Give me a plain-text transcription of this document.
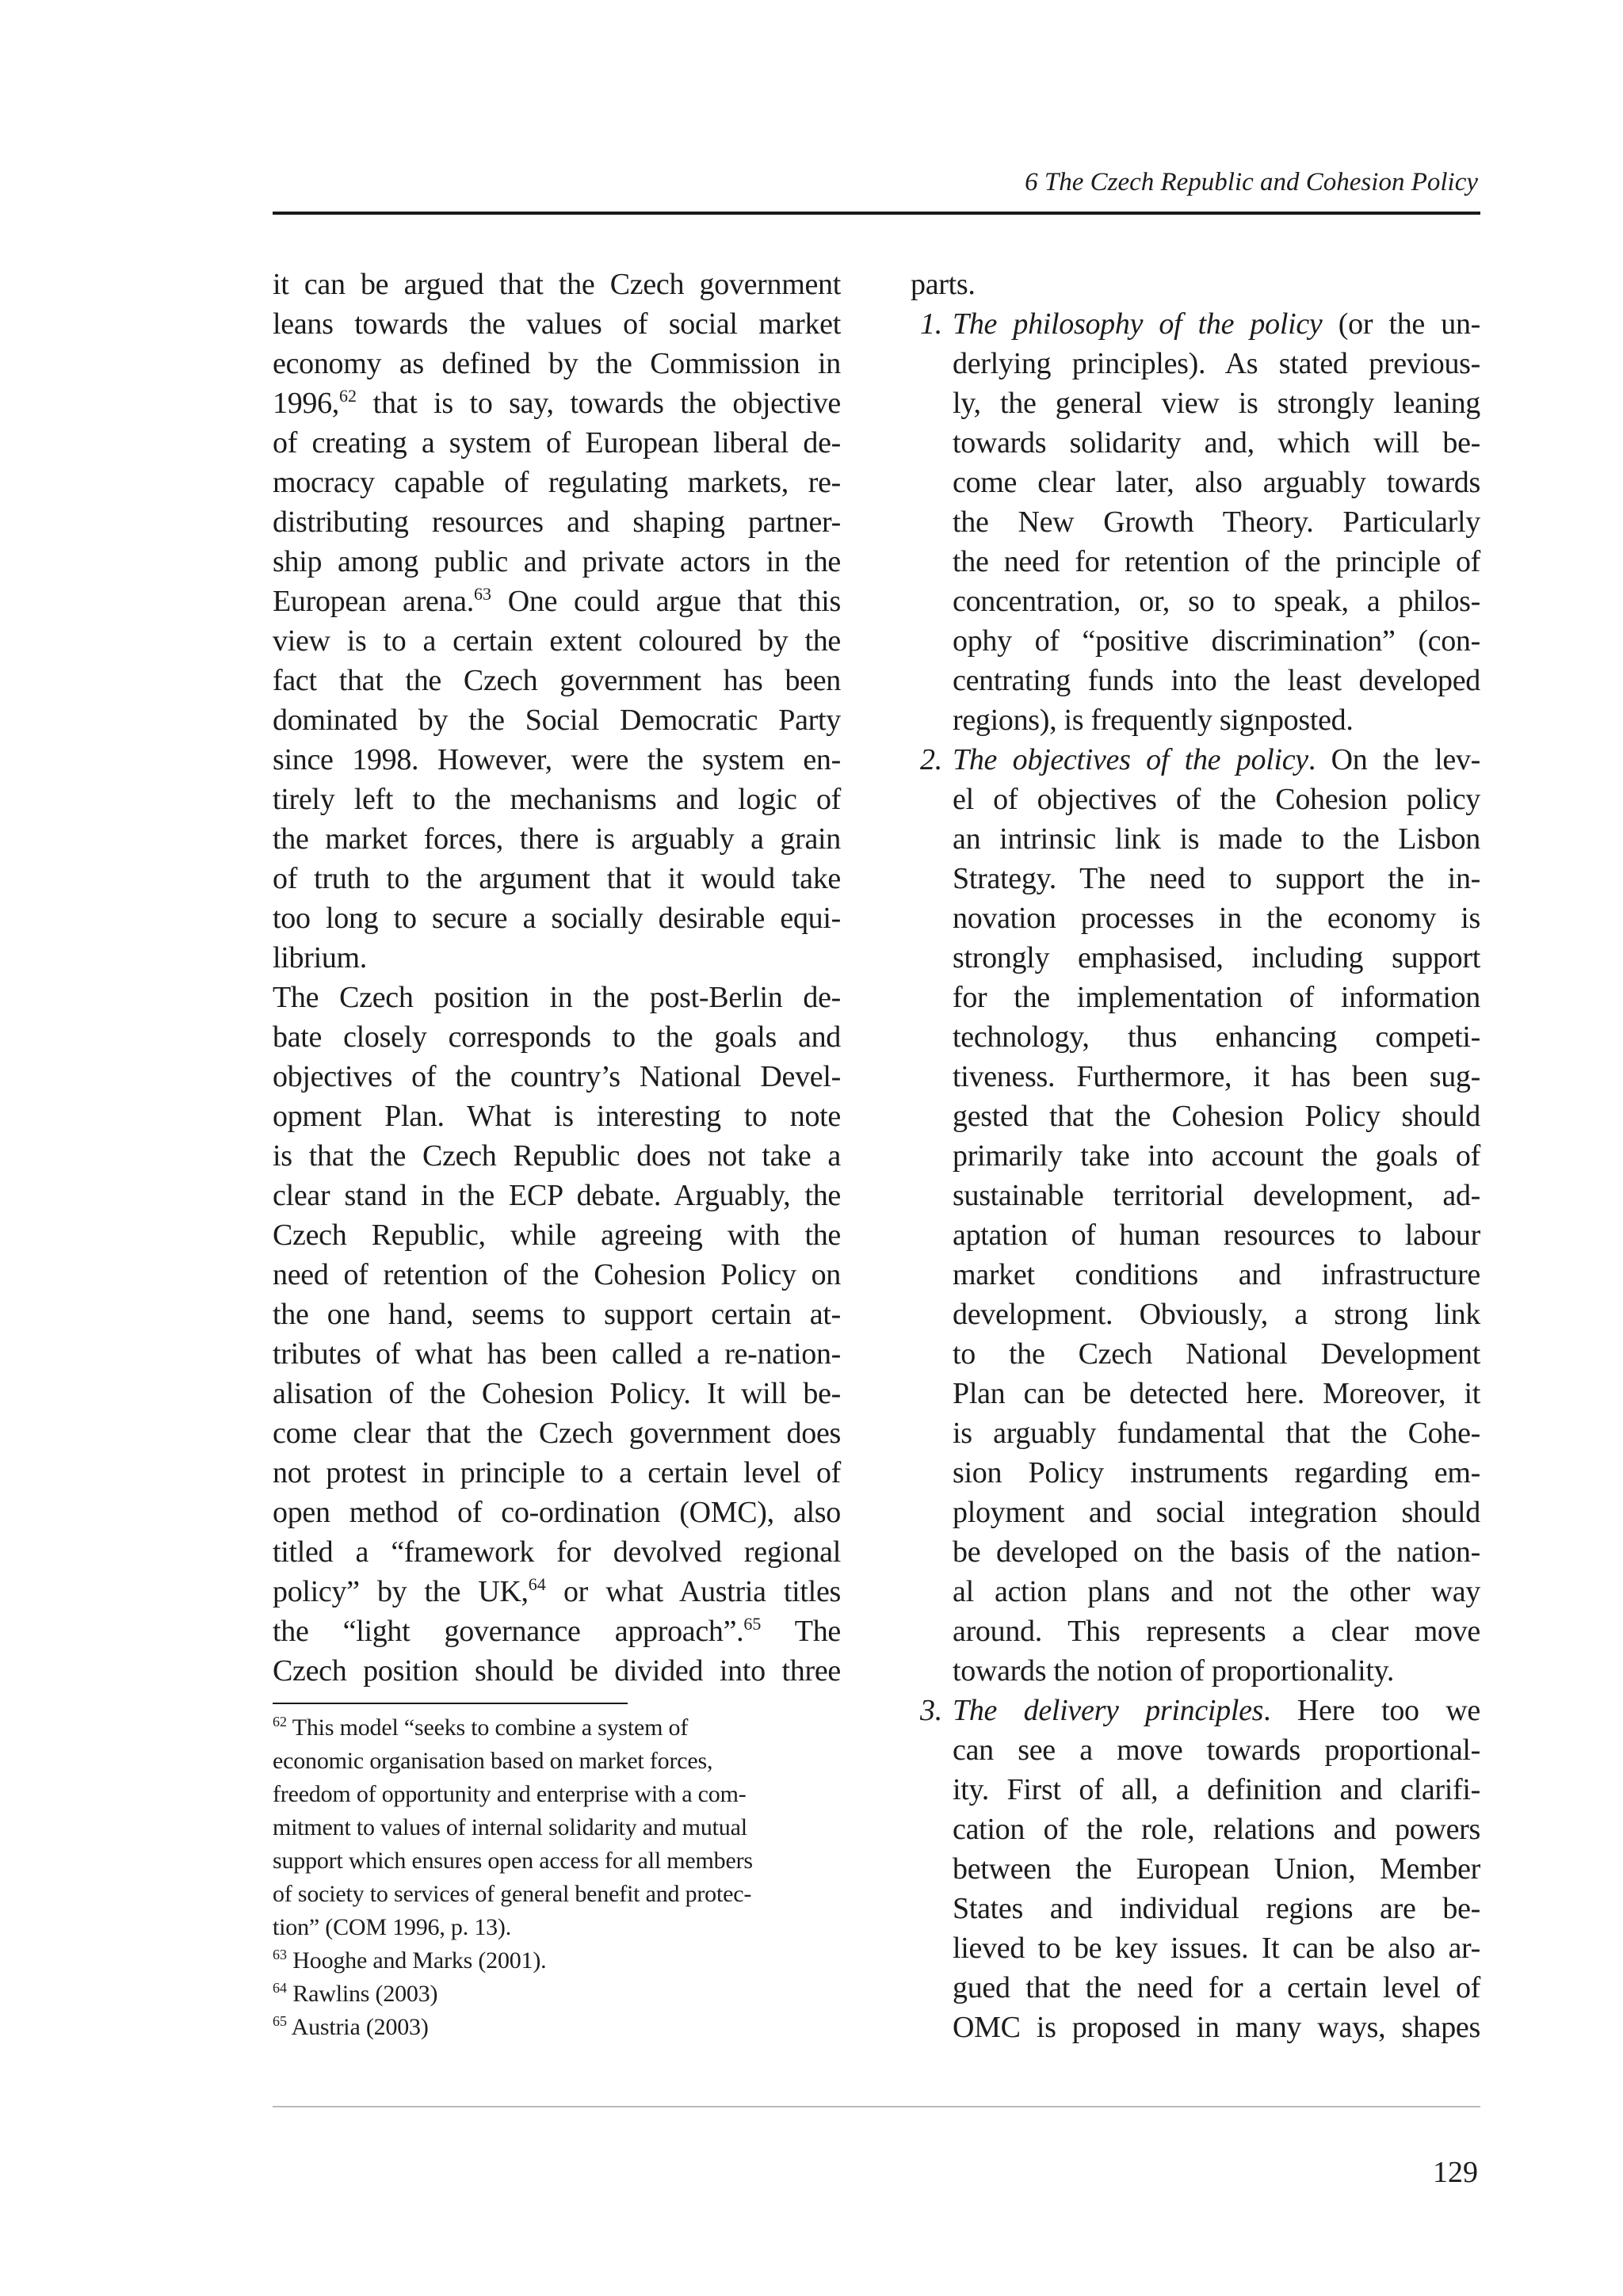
6 The Czech Republic and Cohesion Policy
it can be argued that the Czech government
leans towards the values of social market
economy as defined by the Commission in
1996,62 that is to say, towards the objective
of creating a system of European liberal de-
mocracy capable of regulating markets, re-
distributing resources and shaping partner-
ship among public and private actors in the
European arena.$^{63}$ One could argue that this
view is to a certain extent coloured by the
fact that the Czech government has been
dominated by the Social Democratic Party
since 1998. However, were the system en-
tirely left to the mechanisms and logic of
the market forces, there is arguably a grain
of truth to the argument that it would take
too long to secure a socially desirable equi-
librium.
The Czech position in the post-Berlin de-
bate closely corresponds to the goals and
objectives of the country’s National Devel-
opment Plan. What is interesting to note
is that the Czech Republic does not take a
clear stand in the ECP debate. Arguably, the
Czech Republic, while agreeing with the
need of retention of the Cohesion Policy on
the one hand, seems to support certain at-
tributes of what has been called a re-nation-
alisation of the Cohesion Policy. It will be-
come clear that the Czech government does
not protest in principle to a certain level of
open method of co-ordination (OMC), also
titled a “framework for devolved regional
policy” by the UK,$^{64}$ or what Austria titles
the “light governance approach”.$^{65}$ The
Czech position should be divided into three
parts.
1. The philosophy of the policy (or the un-
derlying principles). As stated previous-
ly, the general view is strongly leaning
towards solidarity and, which will be-
come clear later, also arguably towards
the New Growth Theory. Particularly
the need for retention of the principle of
concentration, or, so to speak, a philos-
ophy of “positive discrimination” (con-
centrating funds into the least developed
regions), is frequently signposted.
2. The objectives of the policy. On the lev-
el of objectives of the Cohesion policy
an intrinsic link is made to the Lisbon
Strategy. The need to support the in-
novation processes in the economy is
strongly emphasised, including support
for the implementation of information
technology, thus enhancing competi-
tiveness. Furthermore, it has been sug-
gested that the Cohesion Policy should
primarily take into account the goals of
sustainable territorial development, ad-
aptation of human resources to labour
market conditions and infrastructure
development. Obviously, a strong link
to the Czech National Development
Plan can be detected here. Moreover, it
is arguably fundamental that the Cohe-
sion Policy instruments regarding em-
ployment and social integration should
be developed on the basis of the nation-
al action plans and not the other way
around. This represents a clear move
towards the notion of proportionality.
3. The delivery principles. Here too we
can see a move towards proportional-
ity. First of all, a definition and clarifi-
cation of the role, relations and powers
between the European Union, Member
States and individual regions are be-
lieved to be key issues. It can be also ar-
gued that the need for a certain level of
OMC is proposed in many ways, shapes
$^{62}$ This model “seeks to combine a system of
economic organisation based on market forces,
freedom of opportunity and enterprise with a com-
mitment to values of internal solidarity and mutual
support which ensures open access for all members
of society to services of general benefit and protec-
tion” (COM 1996, p. 13).
$^{63}$ Hooghe and Marks (2001).
$^{64}$ Rawlins (2003)
$^{65}$ Austria (2003)
129
